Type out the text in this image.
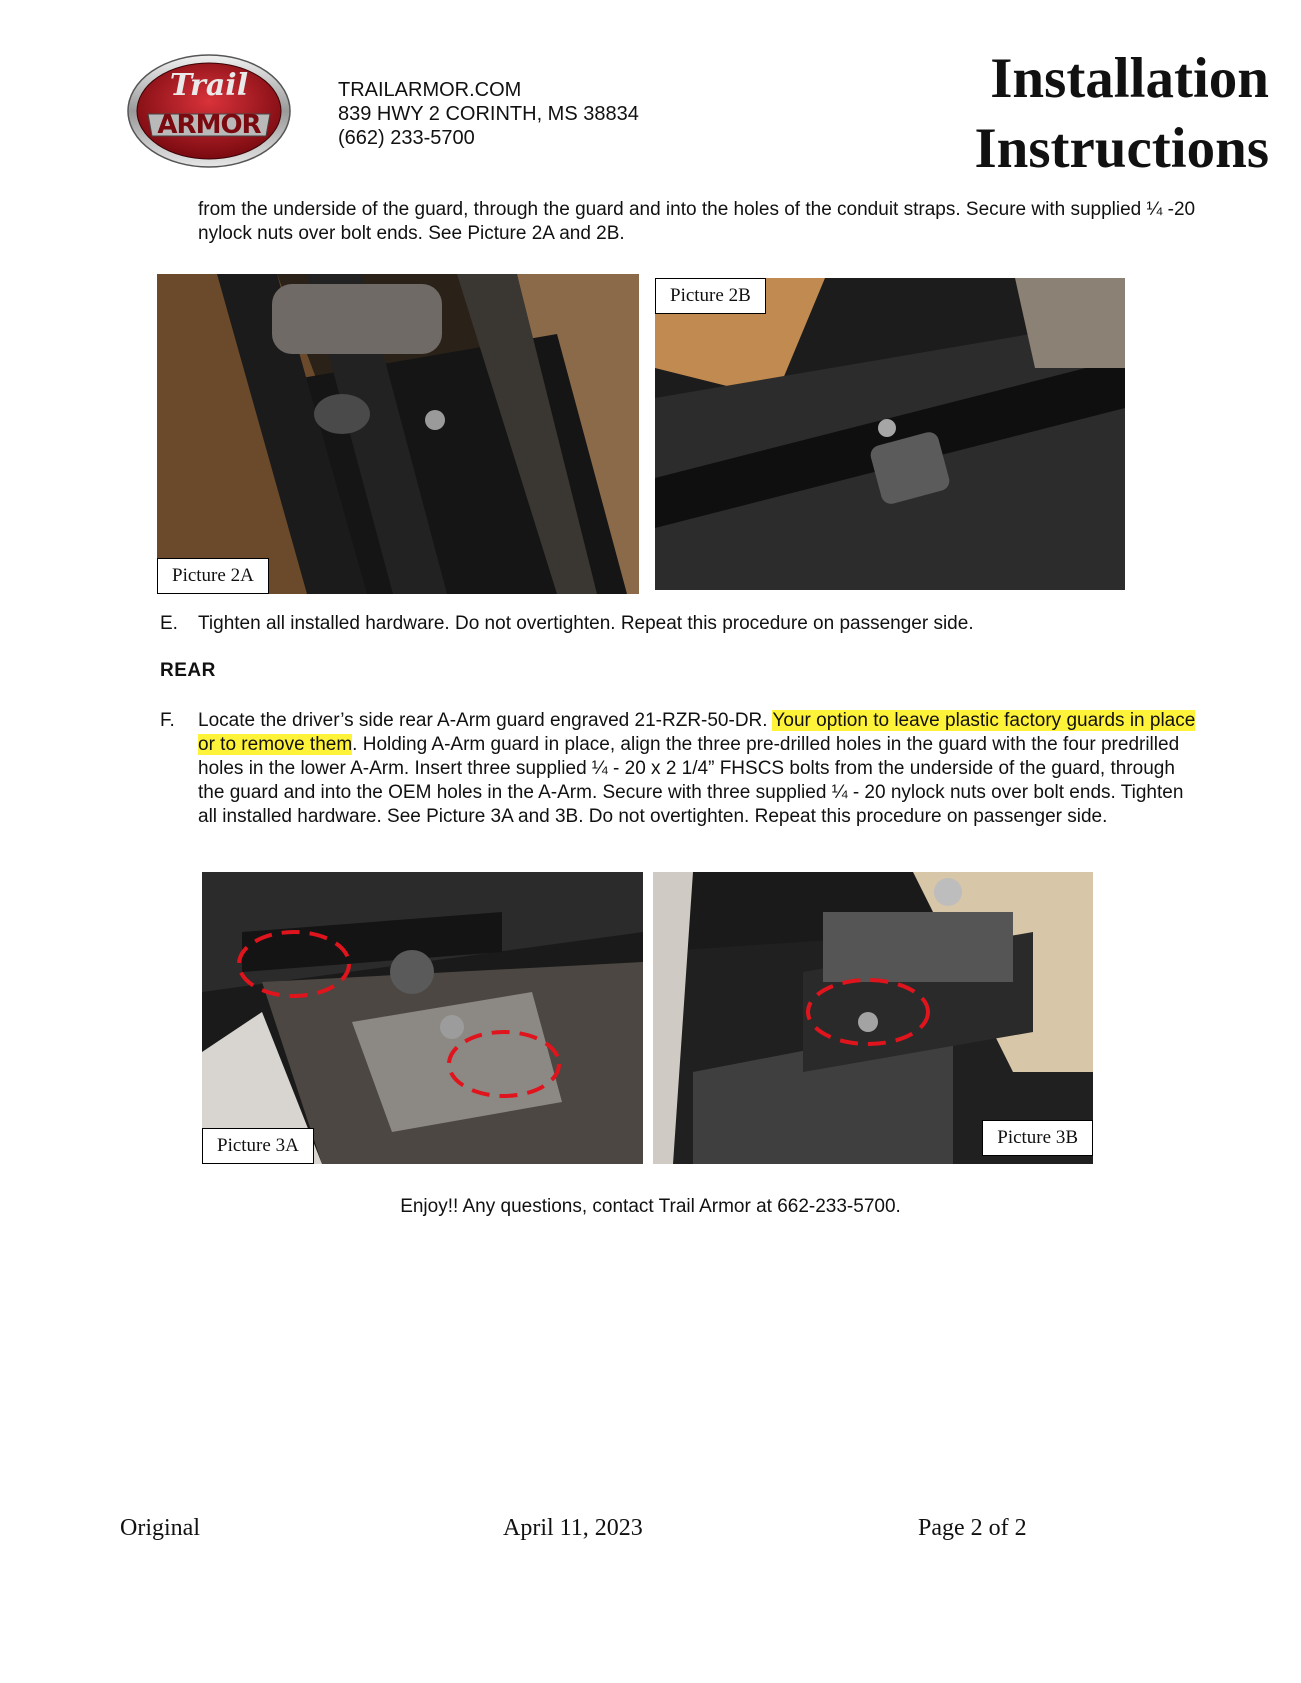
Trail
ARMOR
TRAILARMOR.COM
839 HWY 2 CORINTH, MS 38834
(662) 233-5700
Installation
Instructions
from the underside of the guard, through the guard and into the holes of the conduit straps. Secure with supplied ¼ -20 nylock nuts over bolt ends. See Picture 2A and 2B.
Picture 2A
Picture 2B
E. Tighten all installed hardware. Do not overtighten. Repeat this procedure on passenger side.
REAR
F. Locate the driver’s side rear A-Arm guard engraved 21-RZR-50-DR. Your option to leave plastic factory guards in place or to remove them. Holding A-Arm guard in place, align the three pre-drilled holes in the guard with the four predrilled holes in the lower A-Arm. Insert three supplied ¼ - 20 x 2 1/4” FHSCS bolts from the underside of the guard, through the guard and into the OEM holes in the A-Arm. Secure with three supplied ¼ - 20 nylock nuts over bolt ends. Tighten all installed hardware. See Picture 3A and 3B. Do not overtighten. Repeat this procedure on passenger side.
Picture 3A	Picture 3B
Enjoy!! Any questions, contact Trail Armor at 662-233-5700.
Original	April 11, 2023	Page 2 of 2
